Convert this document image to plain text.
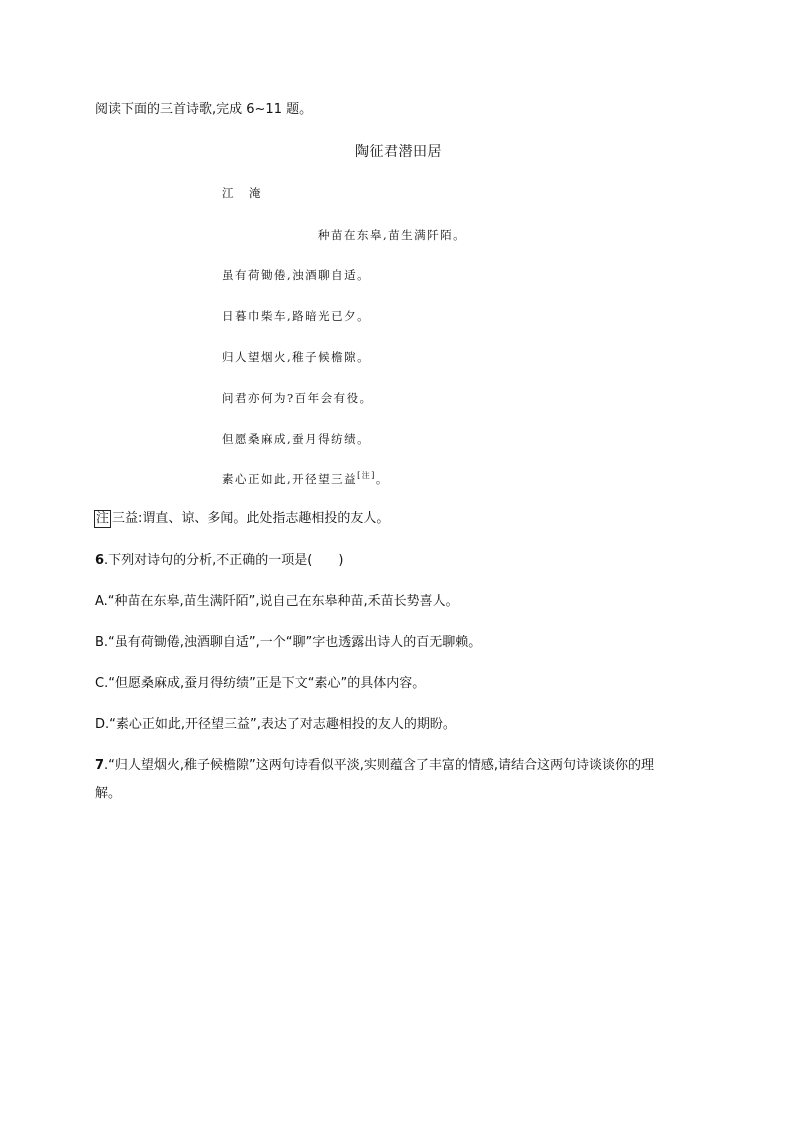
阅读下面的三首诗歌,完成 6~11 题。
陶征君潜田居
江 淹
种苗在东皋,苗生满阡陌。
虽有荷锄倦,浊酒聊自适。
日暮巾柴车,路暗光已夕。
归人望烟火,稚子候檐隙。
问君亦何为?百年会有役。
但愿桑麻成,蚕月得纺绩。
素心正如此,开径望三益[注]。
注 三益:谓直、谅、多闻。此处指志趣相投的友人。
6.下列对诗句的分析,不正确的一项是(　　)
A.“种苗在东皋,苗生满阡陌”,说自己在东皋种苗,禾苗长势喜人。
B.“虽有荷锄倦,浊酒聊自适”,一个“聊”字也透露出诗人的百无聊赖。
C.“但愿桑麻成,蚕月得纺绩”正是下文“素心”的具体内容。
D.“素心正如此,开径望三益”,表达了对志趣相投的友人的期盼。
7.“归人望烟火,稚子候檐隙”这两句诗看似平淡,实则蕴含了丰富的情感,请结合这两句诗谈谈你的理
解。
